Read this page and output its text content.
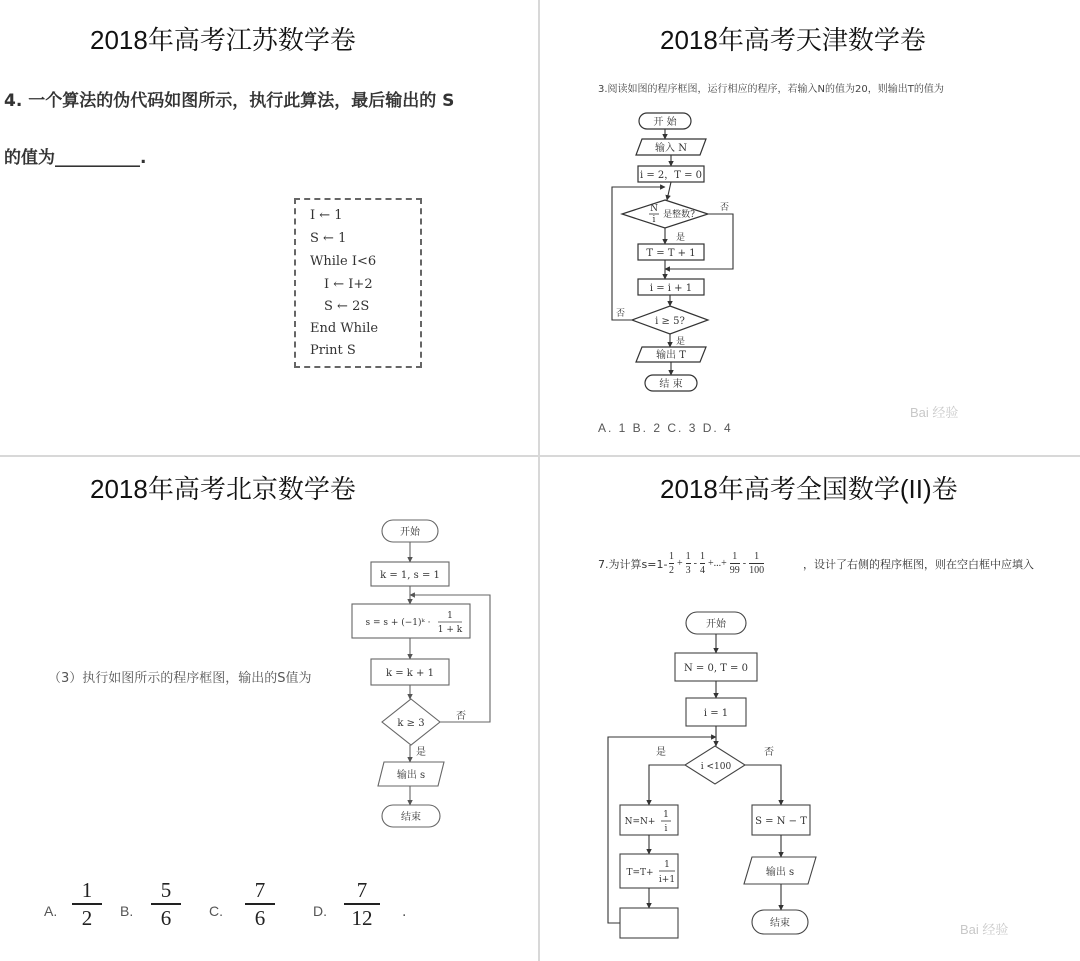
2018年高考江苏数学卷
4. 一个算法的伪代码如图所示，执行此算法，最后输出的 S
的值为__________.
I ← 1
S ← 1
While I<6
I ← I+2
S ← 2S
End While
Print S
2018年高考天津数学卷
3.阅读如图的程序框图，运行相应的程序，若输入N的值为20，则输出T的值为
开 始
输入 N
i = 2，T = 0
N
i 是整数?
否
是
T = T + 1
i = i + 1
i ≥ 5?
否
是
输出 T
结 束
A. 1 B. 2 C. 3 D. 4
Bai 经验
2018年高考北京数学卷
（3）执行如图所示的程序框图，输出的S值为
开始
k = 1, s = 1
s = s + (−1)ᵏ ·
1
1 + k
k = k + 1
k ≥ 3
否
是
输出 s
结束
A.
1
2	B.
5
6	C.
7
6	D.
7
12	.
2018年高考全国数学(II)卷
7.为计算s=1-
1
2
+
1
3
-
1
4
+...+
1
99
-
1
100	，设计了右侧的程序框图，则在空白框中应填入
开始
N = 0, T = 0
i = 1
i <100
是	否
N=N+
1
i
T=T+
1
i+1
S = N − T
输出 s
结束	Bai 经验
